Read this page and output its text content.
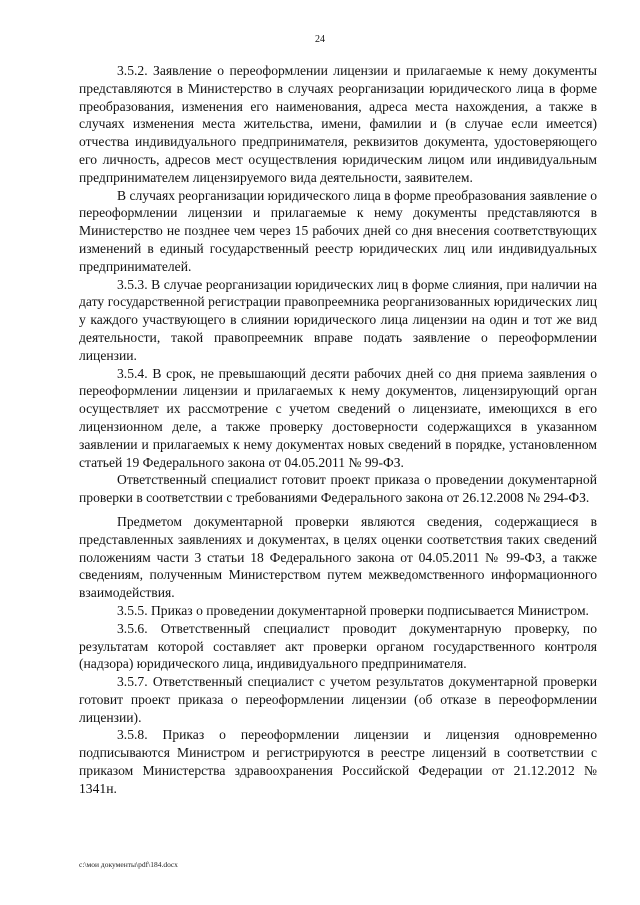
24

3.5.2. Заявление о переоформлении лицензии и прилагаемые к нему документы представляются в Министерство в случаях реорганизации юридического лица в форме преобразования, изменения его наименования, адреса места нахождения, а также в случаях изменения места жительства, имени, фамилии и (в случае если имеется) отчества индивидуального предпринимателя, реквизитов документа, удостоверяющего его личность, адресов мест осуществления юридическим лицом или индивидуальным предпринимателем лицензируемого вида деятельности, заявителем.

В случаях реорганизации юридического лица в форме преобразования заявление о переоформлении лицензии и прилагаемые к нему документы представляются в Министерство не позднее чем через 15 рабочих дней со дня внесения соответствующих изменений в единый государственный реестр юридических лиц или индивидуальных предпринимателей.

3.5.3. В случае реорганизации юридических лиц в форме слияния, при наличии на дату государственной регистрации правопреемника реорганизованных юридических лиц у каждого участвующего в слиянии юридического лица лицензии на один и тот же вид деятельности, такой правопреемник вправе подать заявление о переоформлении лицензии.

3.5.4. В срок, не превышающий десяти рабочих дней со дня приема заявления о переоформлении лицензии и прилагаемых к нему документов, лицензирующий орган осуществляет их рассмотрение с учетом сведений о лицензиате, имеющихся в его лицензионном деле, а также проверку достоверности содержащихся в указанном заявлении и прилагаемых к нему документах новых сведений в порядке, установленном статьей 19 Федерального закона от 04.05.2011 № 99-ФЗ.

Ответственный специалист готовит проект приказа о проведении документарной проверки в соответствии с требованиями Федерального закона от 26.12.2008 № 294-ФЗ.

Предметом документарной проверки являются сведения, содержащиеся в представленных заявлениях и документах, в целях оценки соответствия таких сведений положениям части 3 статьи 18 Федерального закона от 04.05.2011 № 99-ФЗ, а также сведениям, полученным Министерством путем межведомственного информационного взаимодействия.

3.5.5. Приказ о проведении документарной проверки подписывается Министром.

3.5.6. Ответственный специалист проводит документарную проверку, по результатам которой составляет акт проверки органом государственного контроля (надзора) юридического лица, индивидуального предпринимателя.

3.5.7. Ответственный специалист с учетом результатов документарной проверки готовит проект приказа о переоформлении лицензии (об отказе в переоформлении лицензии).

3.5.8. Приказ о переоформлении лицензии и лицензия одновременно подписываются Министром и регистрируются в реестре лицензий в соответствии с приказом Министерства здравоохранения Российской Федерации от 21.12.2012 № 1341н.

c:\мои документы\pdf\184.docx
